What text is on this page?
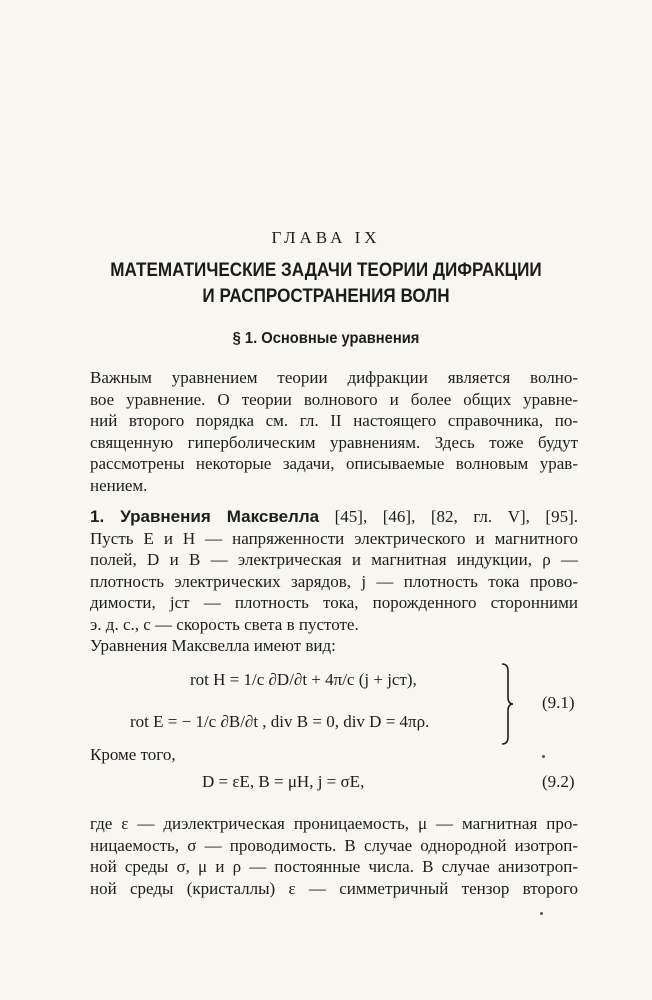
ГЛАВА IX
МАТЕМАТИЧЕСКИЕ ЗАДАЧИ ТЕОРИИ ДИФРАКЦИИ
И РАСПРОСТРАНЕНИЯ ВОЛН
§ 1. Основные уравнения
Важным уравнением теории дифракции является волно-
вое уравнение. О теории волнового и более общих уравне-
ний второго порядка см. гл. II настоящего справочника, по-
священную гиперболическим уравнениям. Здесь тоже будут
рассмотрены некоторые задачи, описываемые волновым урав-
нением.
1. Уравнения Максвелла [45], [46], [82, гл. V], [95].
Пусть E и H — напряженности электрического и магнитного
полей, D и B — электрическая и магнитная индукции, ρ —
плотность электрических зарядов, j — плотность тока прово-
димости, jст — плотность тока, порожденного сторонними
э. д. с., c — скорость света в пустоте.
Уравнения Максвелла имеют вид:
rot H = 1/c ∂D/∂t + 4π/c (j + jст),
rot E = − 1/c ∂B/∂t , div B = 0, div D = 4πρ.
(9.1)
Кроме того,
D = εE, B = μH, j = σE,	(9.2)
где ε — диэлектрическая проницаемость, μ — магнитная про-
ницаемость, σ — проводимость. В случае однородной изотроп-
ной среды σ, μ и ρ — постоянные числа. В случае анизотроп-
ной среды (кристаллы) ε — симметричный тензор второго
